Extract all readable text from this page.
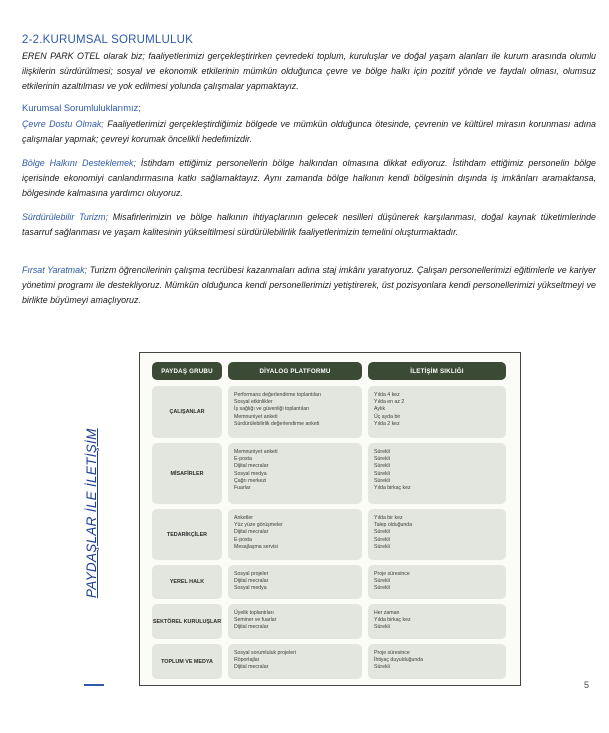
2-2.KURUMSAL SORUMLULUK
EREN PARK OTEL olarak biz; faaliyetlerimizi gerçekleştirirken çevredeki toplum, kuruluşlar ve doğal yaşam alanları ile kurum arasında olumlu ilişkilerin sürdürülmesi; sosyal ve ekonomik etkilerinin mümkün olduğunca çevre ve bölge halkı için pozitif yönde ve faydalı olması, olumsuz etkilerinin azaltılması ve yok edilmesi yolunda çalışmalar yapmaktayız.
Kurumsal Sorumluluklarımız;
Çevre Dostu Olmak; Faaliyetlerimizi gerçekleştirdiğimiz bölgede ve mümkün olduğunca ötesinde, çevrenin ve kültürel mirasın korunması adına çalışmalar yapmak; çevreyi korumak öncelikli hedefimizdir.
Bölge Halkını Desteklemek; İstihdam ettiğimiz personellerin bölge halkından olmasına dikkat ediyoruz. İstihdam ettiğimiz personelin bölge içerisinde ekonomiyi canlandırmasına katkı sağlamaktayız. Aynı zamanda bölge halkının kendi bölgesinin dışında iş imkânları aramaktansa, bölgesinde kalmasına yardımcı oluyoruz.
Sürdürülebilir Turizm; Misafirlerimizin ve bölge halkının ihtiyaçlarının gelecek nesilleri düşünerek karşılanması, doğal kaynak tüketimlerinde tasarruf sağlanması ve yaşam kalitesinin yükseltilmesi sürdürülebilirlik faaliyetlerimizin temelini oluşturmaktadır.
Fırsat Yaratmak; Turizm öğrencilerinin çalışma tecrübesi kazanmaları adına staj imkânı yaratıyoruz. Çalışan personellerimizi eğitimlerle ve kariyer yönetimi programı ile destekliyoruz. Mümkün olduğunca kendi personellerimizi yetiştirerek, üst pozisyonlara kendi personellerimizi yükseltmeyi ve birlikte büyümeyi amaçlıyoruz.
PAYDAŞLAR İLE İLETİŞİM
PAYDAŞ GRUBU	DİYALOG PLATFORMU	İLETİŞİM SIKLIĞI
ÇALIŞANLAR
Performans değerlendirme toplantıları
Sosyal etkinlikler
İş sağlığı ve güvenliği toplantıları
Memnuniyet anketi
Sürdürülebilirlik değerlendirme anketi
Yılda 4 kez
Yılda en az 2
Aylık
Üç ayda bir
Yılda 2 kez
MİSAFİRLER
Memnuniyet anketi
E-posta
Dijital mecralar
Sosyal medya
Çağrı merkezi
Fuarlar
Sürekli
Sürekli
Sürekli
Sürekli
Sürekli
Yılda birkaç kez
TEDARİKÇİLER
Anketler
Yüz yüze görüşmeler
Dijital mecralar
E-posta
Mesajlaşma servisi
Yılda bir kez
Talep olduğunda
Sürekli
Sürekli
Sürekli
YEREL HALK
Sosyal projeler
Dijital mecralar
Sosyal medya
Proje süresince
Sürekli
Sürekli
SEKTÖREL KURULUŞLAR
Üyelik toplantıları
Seminer ve fuarlar
Dijital mecralar
Her zaman
Yılda birkaç kez
Sürekli
TOPLUM VE MEDYA
Sosyal sorumluluk projeleri
Röportajlar
Dijital mecralar
Proje süresince
İhtiyaç duyulduğunda
Sürekli
5
